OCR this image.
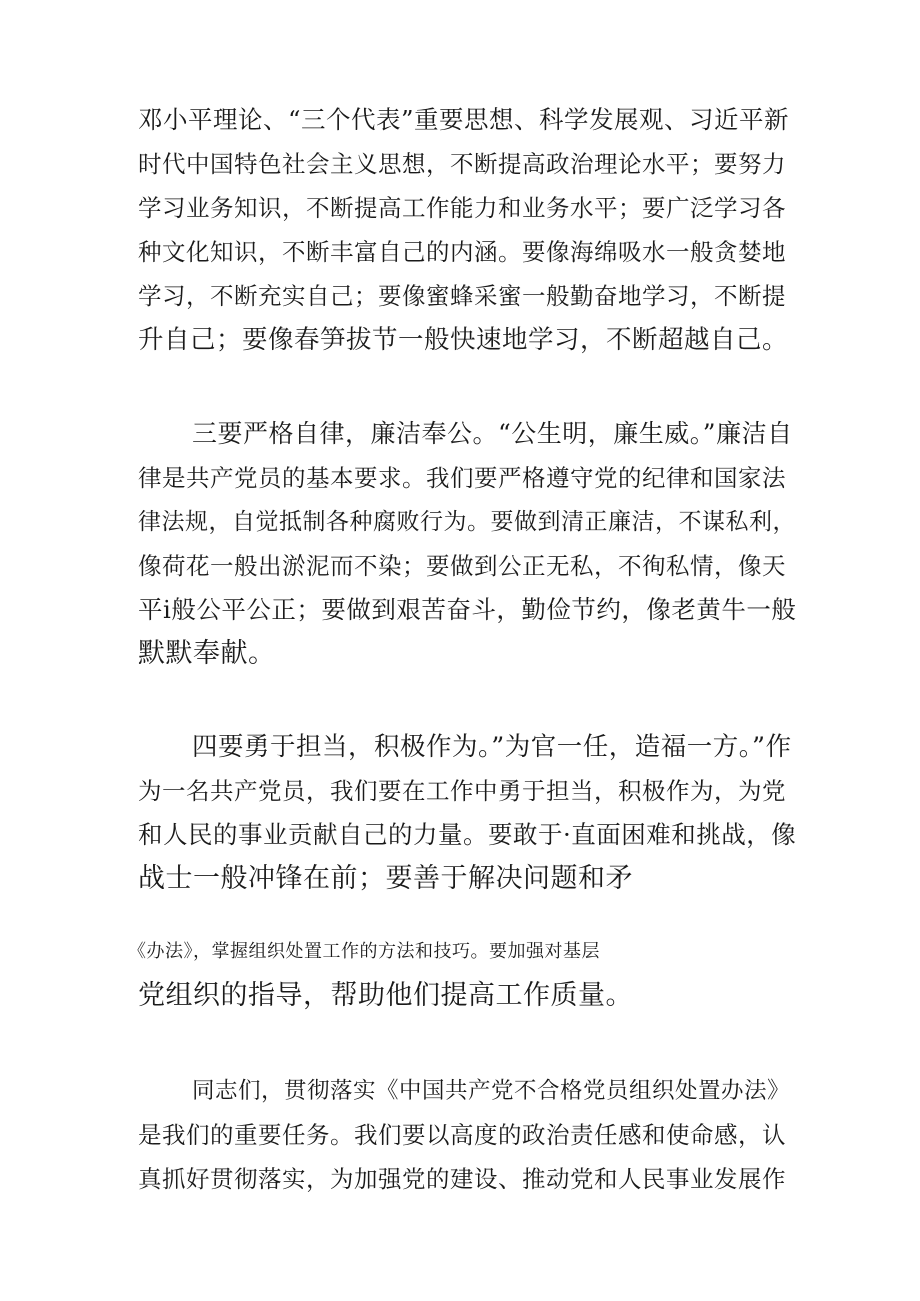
邓小平理论、“三个代表”重要思想、科学发展观、习近平新
时代中国特色社会主义思想，不断提高政治理论水平；要努力
学习业务知识，不断提高工作能力和业务水平；要广泛学习各
种文化知识，不断丰富自己的内涵。要像海绵吸水一般贪婪地
学习，不断充实自己；要像蜜蜂采蜜一般勤奋地学习，不断提
升自己；要像春笋拔节一般快速地学习，不断超越自己。
三要严格自律，廉洁奉公。“公生明，廉生威。”廉洁自
律是共产党员的基本要求。我们要严格遵守党的纪律和国家法
律法规，自觉抵制各种腐败行为。要做到清正廉洁，不谋私利，
像荷花一般出淤泥而不染；要做到公正无私，不徇私情，像天
平i般公平公正；要做到艰苦奋斗，勤俭节约，像老黄牛一般
默默奉献。
四要勇于担当，积极作为。”为官一任，造福一方。”作
为一名共产党员，我们要在工作中勇于担当，积极作为，为党
和人民的事业贡献自己的力量。要敢于·直面困难和挑战，像
战士一般冲锋在前；要善于解决问题和矛
《办法》，掌握组织处置工作的方法和技巧。要加强对基层
党组织的指导，帮助他们提高工作质量。
同志们，贯彻落实《中国共产党不合格党员组织处置办法》
是我们的重要任务。我们要以高度的政治责任感和使命感，认
真抓好贯彻落实，为加强党的建设、推动党和人民事业发展作
